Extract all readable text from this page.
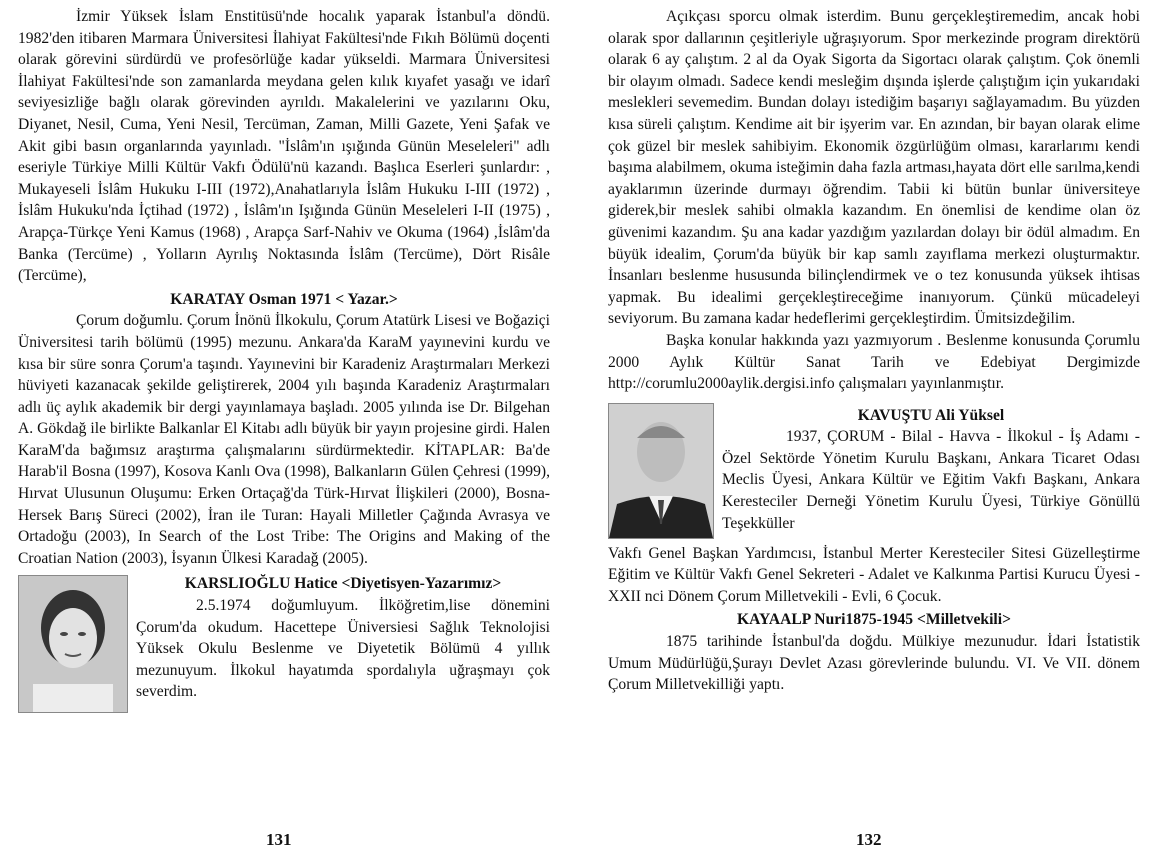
İzmir Yüksek İslam Enstitüsü'nde hocalık yaparak İstanbul'a döndü. 1982'den itibaren Marmara Üniversitesi İlahiyat Fakültesi'nde Fıkıh Bölümü doçenti olarak görevini sürdürdü ve profesörlüğe kadar yükseldi. Marmara Üniversitesi İlahiyat Fakültesi'nde son zamanlarda meydana gelen kılık kıyafet yasağı ve idarî seviyesizliğe bağlı olarak görevinden ayrıldı. Makalelerini ve yazılarını Oku, Diyanet, Nesil, Cuma, Yeni Nesil, Tercüman, Zaman, Milli Gazete, Yeni Şafak ve Akit gibi basın organlarında yayınladı. "İslâm'ın ışığında Günün Meseleleri" adlı eseriyle Türkiye Milli Kültür Vakfı Ödülü'nü kazandı. Başlıca Eserleri şunlardır: , Mukayeseli İslâm Hukuku I-III (1972),Anahatlarıyla İslâm Hukuku I-III (1972) , İslâm Hukuku'nda İçtihad (1972) , İslâm'ın Işığında Günün Meseleleri I-II (1975) , Arapça-Türkçe Yeni Kamus (1968) , Arapça Sarf-Nahiv ve Okuma (1964) ,İslâm'da Banka (Tercüme) , Yolların Ayrılış Noktasında İslâm (Tercüme), Dört Risâle (Tercüme),

KARATAY Osman 1971 < Yazar.>

Çorum doğumlu. Çorum İnönü İlkokulu, Çorum Atatürk Lisesi ve Boğaziçi Üniversitesi tarih bölümü (1995) mezunu. Ankara'da KaraM yayınevini kurdu ve kısa bir süre sonra Çorum'a taşındı. Yayınevini bir Karadeniz Araştırmaları Merkezi hüviyeti kazanacak şekilde geliştirerek, 2004 yılı başında Karadeniz Araştırmaları adlı üç aylık akademik bir dergi yayınlamaya başladı. 2005 yılında ise Dr. Bilgehan A. Gökdağ ile birlikte Balkanlar El Kitabı adlı büyük bir yayın projesine girdi. Halen KaraM'da bağımsız araştırma çalışmalarını sürdürmektedir. KİTAPLAR: Ba'de Harab'il Bosna (1997), Kosova Kanlı Ova (1998), Balkanların Gülen Çehresi (1999), Hırvat Ulusunun Oluşumu: Erken Ortaçağ'da Türk-Hırvat İlişkileri (2000), Bosna-Hersek Barış Süreci (2002), İran ile Turan: Hayali Milletler Çağında Avrasya ve Ortadoğu (2003), In Search of the Lost Tribe: The Origins and Making of the Croatian Nation (2003), İsyanın Ülkesi Karadağ (2005).

KARSLIOĞLU Hatice <Diyetisyen-Yazarımız>

2.5.1974 doğumluyum. İlköğretim,lise dönemini Çorum'da okudum. Hacettepe Üniversiesi Sağlık Teknolojisi Yüksek Okulu Beslenme ve Diyetetik Bölümü 4 yıllık mezunuyum. İlkokul hayatımda spordalıyla uğraşmayı çok severdim.

131

Açıkçası sporcu olmak isterdim. Bunu gerçekleştiremedim, ancak hobi olarak spor dallarının çeşitleriyle uğraşıyorum. Spor merkezinde program direktörü olarak 6 ay çalıştım. 2 al da Oyak Sigorta da Sigortacı olarak çalıştım. Çok önemli bir olayım olmadı. Sadece kendi mesleğim dışında işlerde çalıştığım için yukarıdaki meslekleri sevemedim. Bundan dolayı istediğim başarıyı sağlayamadım. Bu yüzden kısa süreli çalıştım. Kendime ait bir işyerim var. En azından, bir bayan olarak elime çok güzel bir meslek sahibiyim. Ekonomik özgürlüğüm olması, kararlarımı kendi başıma alabilmem, okuma isteğimin daha fazla artması,hayata dört elle sarılma,kendi ayaklarımın üzerinde durmayı öğrendim. Tabii ki bütün bunlar üniversiteye giderek,bir meslek sahibi olmakla kazandım. En önemlisi de kendime olan öz güvenimi kazandım. Şu ana kadar yazdığım yazılardan dolayı bir ödül almadım. En büyük idealim, Çorum'da büyük bir kap samlı zayıflama merkezi oluşturmaktır. İnsanları beslenme hususunda bilinçlendirmek ve o tez konusunda yüksek ihtisas yapmak. Bu idealimi gerçekleştireceğime inanıyorum. Çünkü mücadeleyi seviyorum. Bu zamana kadar hedeflerimi gerçekleştirdim. Ümitsizdeğilim.

Başka konular hakkında yazı yazmıyorum . Beslenme konusunda Çorumlu 2000 Aylık Kültür Sanat Tarih ve Edebiyat Dergimizde http://corumlu2000aylik.dergisi.info çalışmaları yayınlanmıştır.

KAVUŞTU Ali Yüksel

1937, ÇORUM - Bilal - Havva - İlkokul - İş Adamı - Özel Sektörde Yönetim Kurulu Başkanı, Ankara Ticaret Odası Meclis Üyesi, Ankara Kültür ve Eğitim Vakfı Başkanı, Ankara Keresteciler Derneği Yönetim Kurulu Üyesi, Türkiye Gönüllü Teşekküller

Vakfı Genel Başkan Yardımcısı, İstanbul Merter Keresteciler Sitesi Güzelleştirme Eğitim ve Kültür Vakfı Genel Sekreteri - Adalet ve Kalkınma Partisi Kurucu Üyesi - XXII nci Dönem Çorum Milletvekili - Evli, 6 Çocuk.

KAYAALP Nuri1875-1945 <Milletvekili>

1875 tarihinde İstanbul'da doğdu. Mülkiye mezunudur. İdari İstatistik Umum Müdürlüğü,Şurayı Devlet Azası görevlerinde bulundu. VI. Ve VII. dönem Çorum Milletvekilliği yaptı.

132
